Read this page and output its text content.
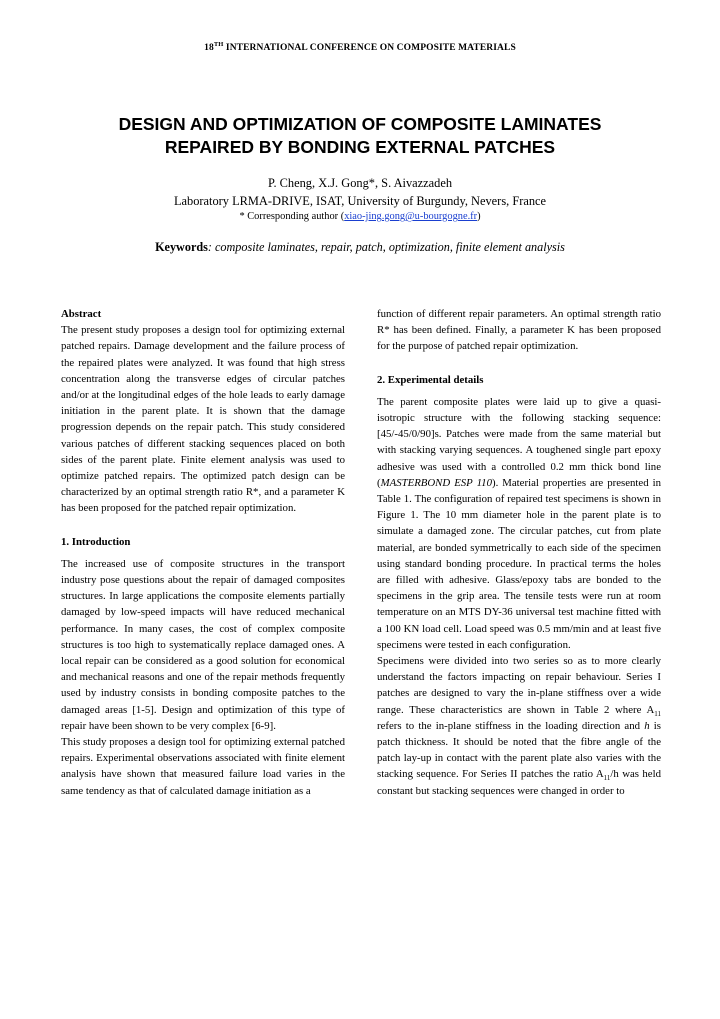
18TH INTERNATIONAL CONFERENCE ON COMPOSITE MATERIALS
DESIGN AND OPTIMIZATION OF COMPOSITE LAMINATES
REPAIRED BY BONDING EXTERNAL PATCHES
P. Cheng, X.J. Gong*, S. Aivazzadeh
Laboratory LRMA-DRIVE, ISAT, University of Burgundy, Nevers, France
* Corresponding author (xiao-jing.gong@u-bourgogne.fr)
Keywords: composite laminates, repair, patch, optimization, finite element analysis
Abstract

The present study proposes a design tool for optimizing external patched repairs. Damage development and the failure process of the repaired plates were analyzed. It was found that high stress concentration along the transverse edges of circular patches and/or at the longitudinal edges of the hole leads to early damage initiation in the parent plate. It is shown that the damage progression depends on the repair patch. This study considered various patches of different stacking sequences placed on both sides of the parent plate. Finite element analysis was used to optimize patched repairs. The optimized patch design can be characterized by an optimal strength ratio R*, and a parameter K has been proposed for the patched repair optimization.

1. Introduction

The increased use of composite structures in the transport industry pose questions about the repair of damaged composites structures. In large applications the composite elements partially damaged by low-speed impacts will have reduced mechanical performance. In many cases, the cost of complex composite structures is too high to systematically replace damaged ones. A local repair can be considered as a good solution for economical and mechanical reasons and one of the repair methods frequently used by industry consists in bonding composite patches to the damaged areas [1-5]. Design and optimization of this type of repair have been shown to be very complex [6-9].

This study proposes a design tool for optimizing external patched repairs. Experimental observations associated with finite element analysis have shown that measured failure load varies in the same tendency as that of calculated damage initiation as a

function of different repair parameters. An optimal strength ratio R* has been defined. Finally, a parameter K has been proposed for the purpose of patched repair optimization.

2. Experimental details

The parent composite plates were laid up to give a quasi-isotropic structure with the following stacking sequence: [45/-45/0/90]s. Patches were made from the same material but with stacking varying sequences. A toughened single part epoxy adhesive was used with a controlled 0.2 mm thick bond line (MASTERBOND ESP 110). Material properties are presented in Table 1. The configuration of repaired test specimens is shown in Figure 1. The 10 mm diameter hole in the parent plate is to simulate a damaged zone. The circular patches, cut from plate material, are bonded symmetrically to each side of the specimen using standard bonding procedure. In practical terms the holes are filled with adhesive. Glass/epoxy tabs are bonded to the specimens in the grip area. The tensile tests were run at room temperature on an MTS DY-36 universal test machine fitted with a 100 KN load cell. Load speed was 0.5 mm/min and at least five specimens were tested in each configuration.

Specimens were divided into two series so as to more clearly understand the factors impacting on repair behaviour. Series I patches are designed to vary the in-plane stiffness over a wide range. These characteristics are shown in Table 2 where $A_{11}$ refers to the in-plane stiffness in the loading direction and h is patch thickness. It should be noted that the fibre angle of the patch lay-up in contact with the parent plate also varies with the stacking sequence. For Series II patches the ratio $A_{11}/h$ was held constant but stacking sequences were changed in order to
